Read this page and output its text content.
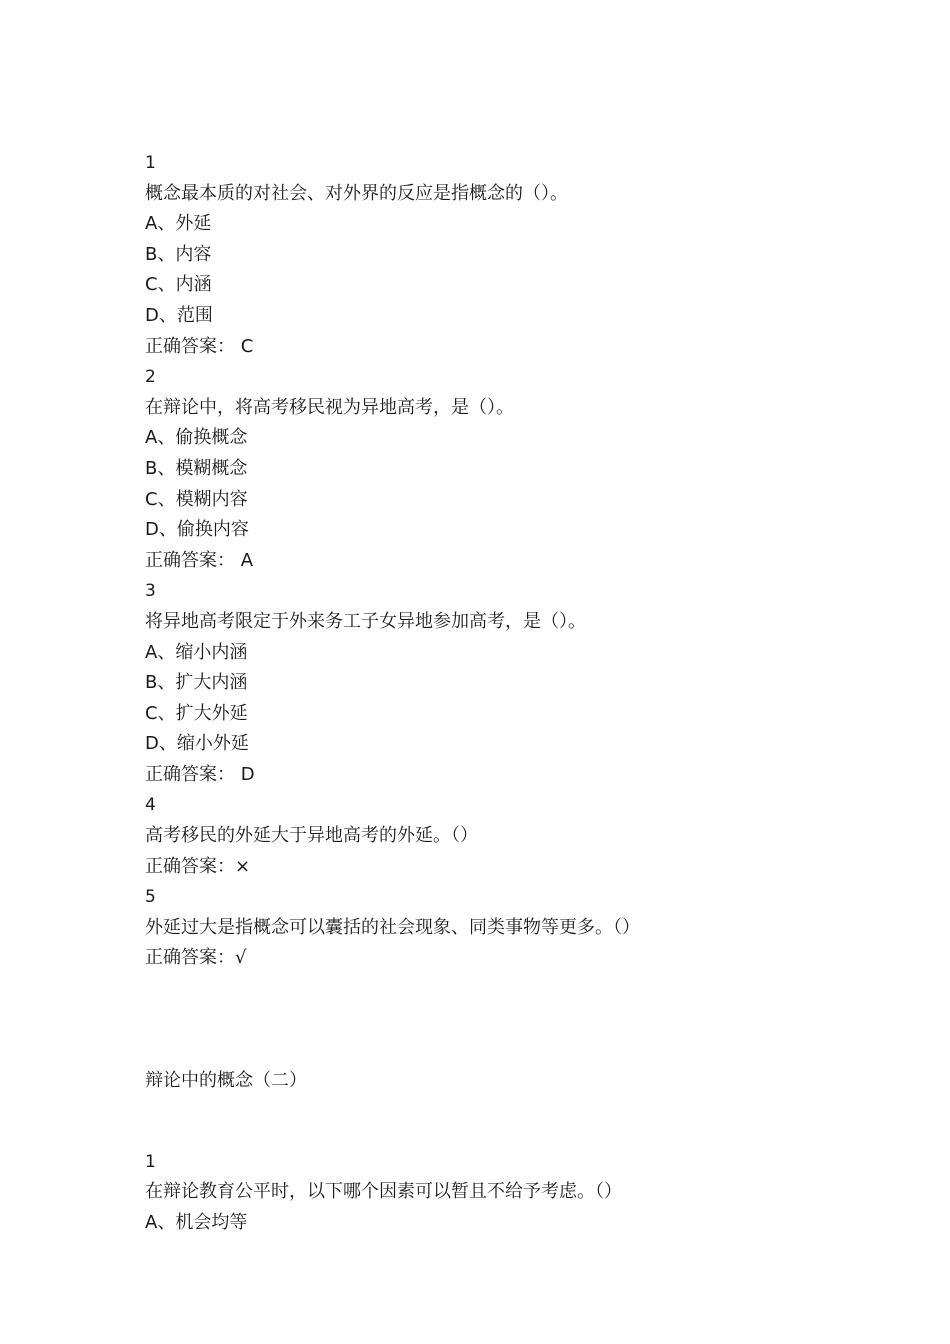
1
概念最本质的对社会、对外界的反应是指概念的（）。
A、外延
B、内容
C、内涵
D、范围
正确答案： C
2
在辩论中，将高考移民视为异地高考，是（）。
A、偷换概念
B、模糊概念
C、模糊内容
D、偷换内容
正确答案： A
3
将异地高考限定于外来务工子女异地参加高考，是（）。
A、缩小内涵
B、扩大内涵
C、扩大外延
D、缩小外延
正确答案： D
4
高考移民的外延大于异地高考的外延。（）
正确答案：×
5
外延过大是指概念可以囊括的社会现象、同类事物等更多。（）
正确答案：√
辩论中的概念（二）
1
在辩论教育公平时，以下哪个因素可以暂且不给予考虑。（）
A、机会均等
